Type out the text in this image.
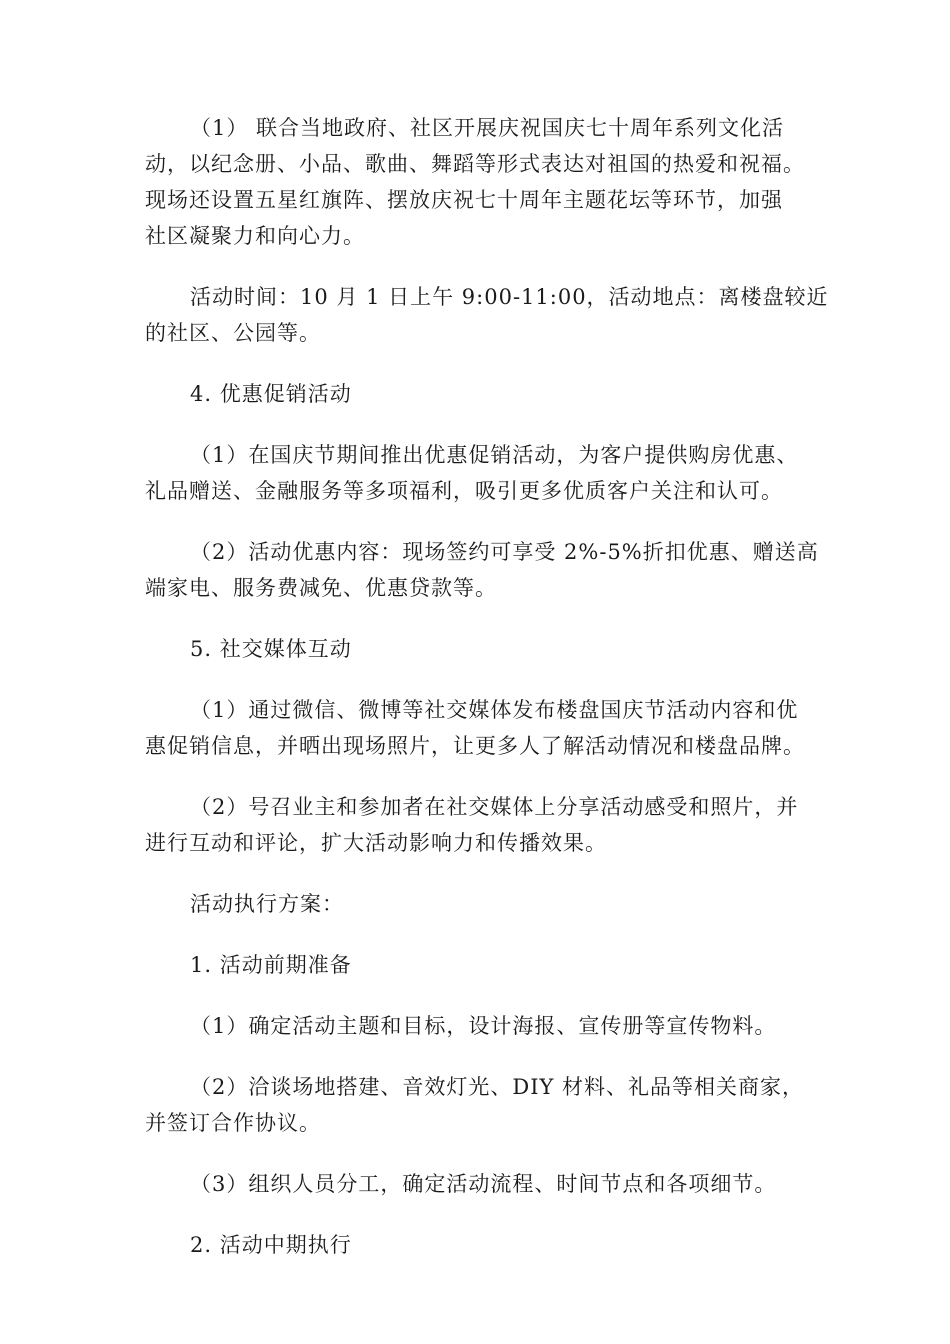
（1） 联合当地政府、社区开展庆祝国庆七十周年系列文化活
动，以纪念册、小品、歌曲、舞蹈等形式表达对祖国的热爱和祝福。
现场还设置五星红旗阵、摆放庆祝七十周年主题花坛等环节，加强
社区凝聚力和向心力。

活动时间：10 月 1 日上午 9:00-11:00，活动地点：离楼盘较近
的社区、公园等。

4. 优惠促销活动

（1）在国庆节期间推出优惠促销活动，为客户提供购房优惠、
礼品赠送、金融服务等多项福利，吸引更多优质客户关注和认可。

（2）活动优惠内容：现场签约可享受 2%-5%折扣优惠、赠送高
端家电、服务费减免、优惠贷款等。

5. 社交媒体互动

（1）通过微信、微博等社交媒体发布楼盘国庆节活动内容和优
惠促销信息，并晒出现场照片，让更多人了解活动情况和楼盘品牌。

（2）号召业主和参加者在社交媒体上分享活动感受和照片，并
进行互动和评论，扩大活动影响力和传播效果。

活动执行方案：

1. 活动前期准备

（1）确定活动主题和目标，设计海报、宣传册等宣传物料。

（2）洽谈场地搭建、音效灯光、DIY 材料、礼品等相关商家，
并签订合作协议。

（3）组织人员分工，确定活动流程、时间节点和各项细节。

2. 活动中期执行
